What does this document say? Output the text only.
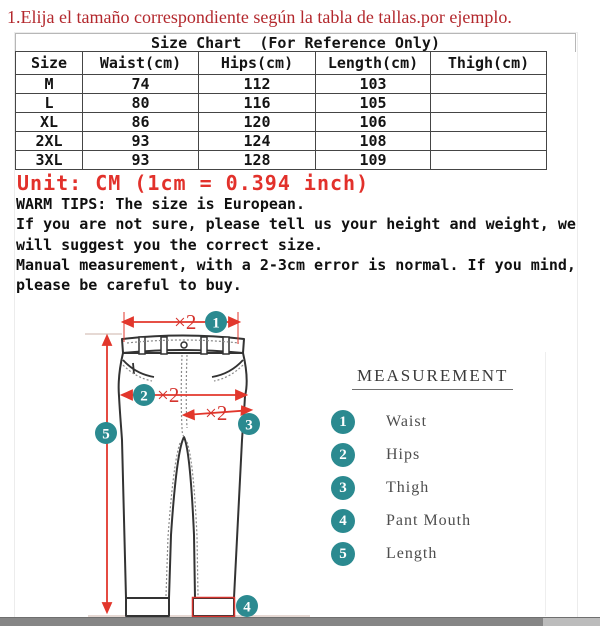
1.Elija el tamaño correspondiente según la tabla de tallas.por ejemplo.
Size Chart  (For Reference Only)
Size	Waist(cm)	Hips(cm)	Length(cm)	Thigh(cm)
M	74	112	103	
L	80	116	105	
XL	86	120	106	
2XL	93	124	108	
3XL	93	128	109	
Unit: CM (1cm = 0.394 inch)
WARM TIPS: The size is European.
If you are not sure, please tell us your height and weight, we
will suggest you the correct size.
Manual measurement, with a 2-3cm error is normal. If you mind,
please be careful to buy.
×2
×2
×2
1
2
3
4
5
MEASUREMENT
1	Waist
2	Hips
3	Thigh
4	Pant Mouth
5	Length
